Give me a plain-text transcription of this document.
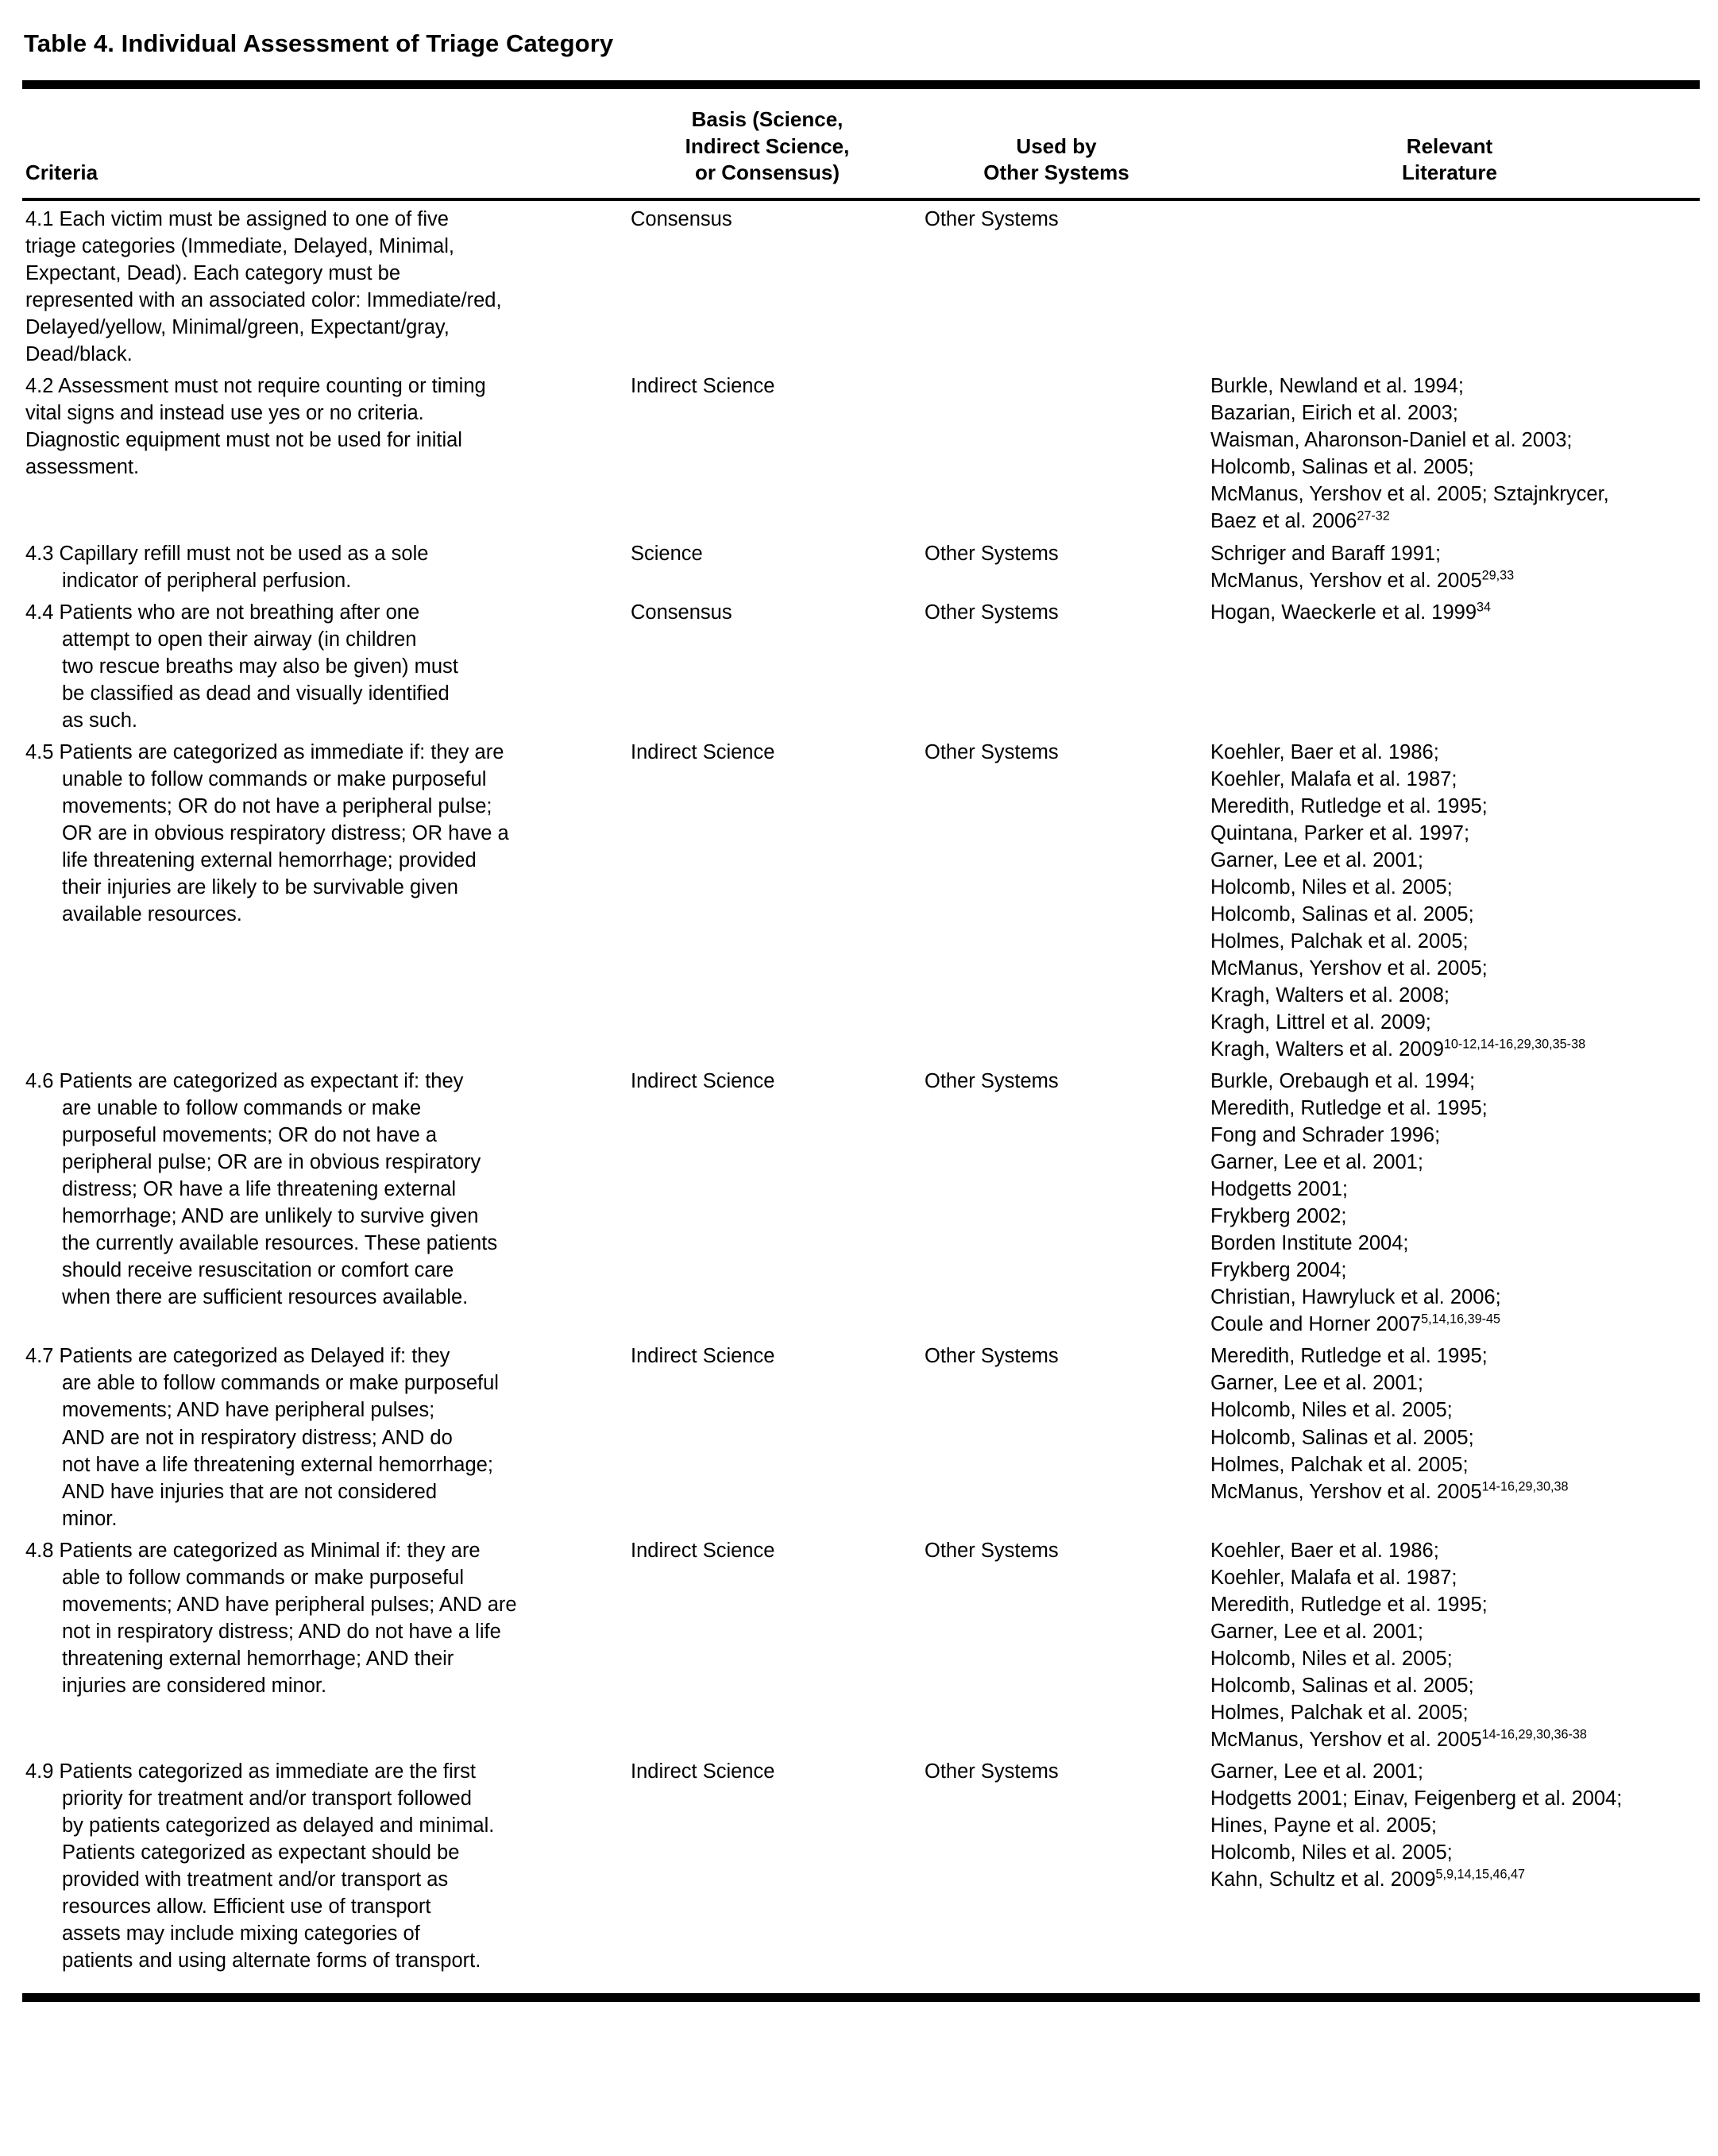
Table 4. Individual Assessment of Triage Category
Criteria	
Basis (Science,
Indirect Science,
or Consensus)

Used by
Other Systems

Relevant
Literature

4.1 Each victim must be assigned to one of five
triage categories (Immediate, Delayed, Minimal,
Expectant, Dead). Each category must be
represented with an associated color: Immediate/red,
Delayed/yellow, Minimal/green, Expectant/gray,
Dead/black.
	Consensus	Other Systems	

4.2 Assessment must not require counting or timing
vital signs and instead use yes or no criteria.
Diagnostic equipment must not be used for initial
assessment.
	Indirect Science		Burkle, Newland et al. 1994;
Bazarian, Eirich et al. 2003;
Waisman, Aharonson-Daniel et al. 2003;
Holcomb, Salinas et al. 2005;
McManus, Yershov et al. 2005; Sztajnkrycer,
Baez et al. 2006$^{27-32}$

4.3 Capillary refill must not be used as a sole
indicator of peripheral perfusion.
	Science	Other Systems	Schriger and Baraff 1991;
McManus, Yershov et al. 2005$^{29,33}$

4.4 Patients who are not breathing after one
attempt to open their airway (in children
two rescue breaths may also be given) must
be classified as dead and visually identified
as such.	Consensus	Other Systems	Hogan, Waeckerle et al. 1999$^{34}$

4.5 Patients are categorized as immediate if: they are
unable to follow commands or make purposeful
movements; OR do not have a peripheral pulse;
OR are in obvious respiratory distress; OR have a
life threatening external hemorrhage; provided
their injuries are likely to be survivable given
available resources.
	Indirect Science	Other Systems	Koehler, Baer et al. 1986;
Koehler, Malafa et al. 1987;
Meredith, Rutledge et al. 1995;
Quintana, Parker et al. 1997;
Garner, Lee et al. 2001;
Holcomb, Niles et al. 2005;
Holcomb, Salinas et al. 2005;
Holmes, Palchak et al. 2005;
McManus, Yershov et al. 2005;
Kragh, Walters et al. 2008;
Kragh, Littrel et al. 2009;
Kragh, Walters et al. 2009$^{10-12,14-16,29,30,35-38}$

4.6 Patients are categorized as expectant if: they
are unable to follow commands or make
purposeful movements; OR do not have a
peripheral pulse; OR are in obvious respiratory
distress; OR have a life threatening external
hemorrhage; AND are unlikely to survive given
the currently available resources. These patients
should receive resuscitation or comfort care
when there are sufficient resources available.
	Indirect Science	Other Systems	Burkle, Orebaugh et al. 1994;
Meredith, Rutledge et al. 1995;
Fong and Schrader 1996;
Garner, Lee et al. 2001;
Hodgetts 2001;
Frykberg 2002;
Borden Institute 2004;
Frykberg 2004;
Christian, Hawryluck et al. 2006;
Coule and Horner 2007$^{5,14,16,39-45}$

4.7 Patients are categorized as Delayed if: they
are able to follow commands or make purposeful
movements; AND have peripheral pulses;
AND are not in respiratory distress; AND do
not have a life threatening external hemorrhage;
AND have injuries that are not considered
minor.
	Indirect Science	Other Systems	Meredith, Rutledge et al. 1995;
Garner, Lee et al. 2001;
Holcomb, Niles et al. 2005;
Holcomb, Salinas et al. 2005;
Holmes, Palchak et al. 2005;
McManus, Yershov et al. 2005$^{14-16,29,30,38}$

4.8 Patients are categorized as Minimal if: they are
able to follow commands or make purposeful
movements; AND have peripheral pulses; AND are
not in respiratory distress; AND do not have a life
threatening external hemorrhage; AND their
injuries are considered minor.
	Indirect Science	Other Systems	Koehler, Baer et al. 1986;
Koehler, Malafa et al. 1987;
Meredith, Rutledge et al. 1995;
Garner, Lee et al. 2001;
Holcomb, Niles et al. 2005;
Holcomb, Salinas et al. 2005;
Holmes, Palchak et al. 2005;
McManus, Yershov et al. 2005$^{14-16,29,30,36-38}$

4.9 Patients categorized as immediate are the first
priority for treatment and/or transport followed
by patients categorized as delayed and minimal.
Patients categorized as expectant should be
provided with treatment and/or transport as
resources allow. Efficient use of transport
assets may include mixing categories of
patients and using alternate forms of transport.
	Indirect Science	Other Systems	Garner, Lee et al. 2001;
Hodgetts 2001; Einav, Feigenberg et al. 2004;
Hines, Payne et al. 2005;
Holcomb, Niles et al. 2005;
Kahn, Schultz et al. 2009$^{5,9,14,15,46,47}$
